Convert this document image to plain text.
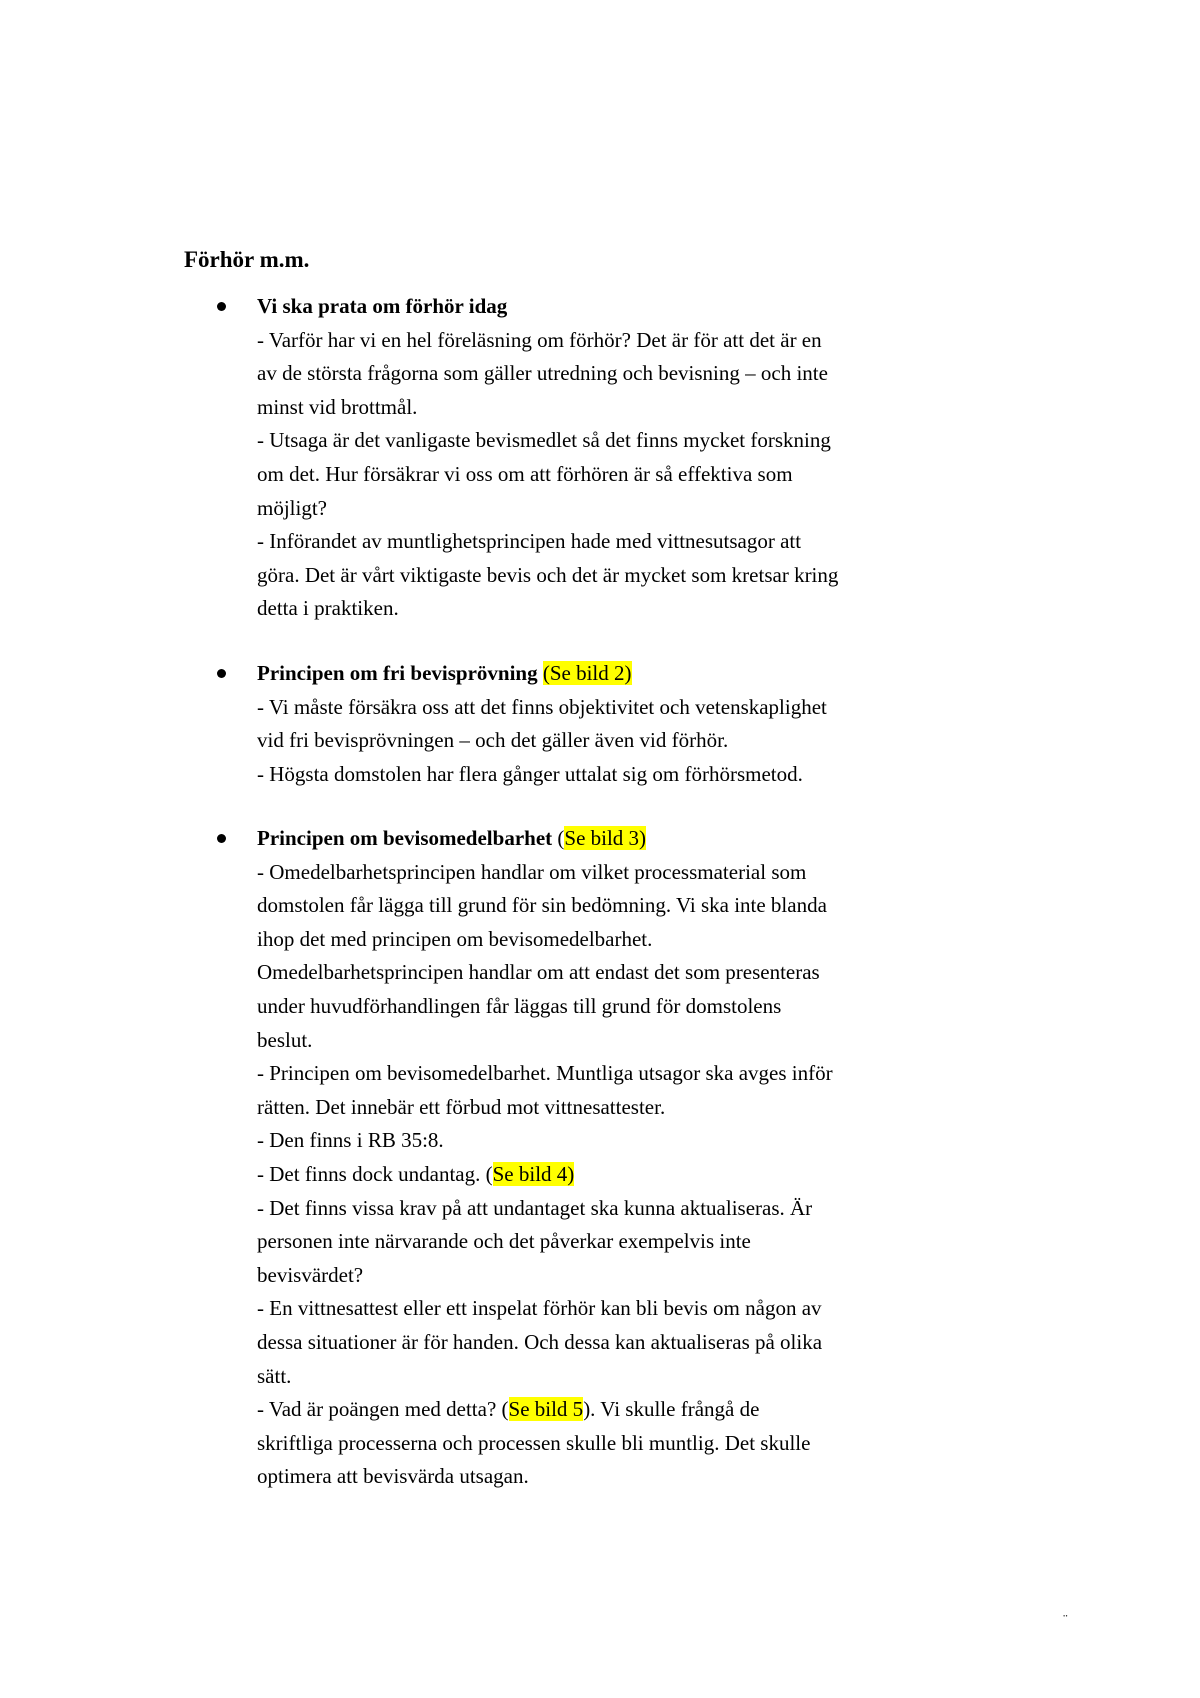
Förhör m.m.
Vi ska prata om förhör idag
- Varför har vi en hel föreläsning om förhör? Det är för att det är en
av de största frågorna som gäller utredning och bevisning – och inte
minst vid brottmål.
- Utsaga är det vanligaste bevismedlet så det finns mycket forskning
om det. Hur försäkrar vi oss om att förhören är så effektiva som
möjligt?
- Införandet av muntlighetsprincipen hade med vittnesutsagor att
göra. Det är vårt viktigaste bevis och det är mycket som kretsar kring
detta i praktiken.
Principen om fri bevisprövning (Se bild 2)
- Vi måste försäkra oss att det finns objektivitet och vetenskaplighet
vid fri bevisprövningen – och det gäller även vid förhör.
- Högsta domstolen har flera gånger uttalat sig om förhörsmetod.
Principen om bevisomedelbarhet (Se bild 3)
- Omedelbarhetsprincipen handlar om vilket processmaterial som
domstolen får lägga till grund för sin bedömning. Vi ska inte blanda
ihop det med principen om bevisomedelbarhet.
Omedelbarhetsprincipen handlar om att endast det som presenteras
under huvudförhandlingen får läggas till grund för domstolens
beslut.
- Principen om bevisomedelbarhet. Muntliga utsagor ska avges inför
rätten. Det innebär ett förbud mot vittnesattester.
- Den finns i RB 35:8.
- Det finns dock undantag. (Se bild 4)
- Det finns vissa krav på att undantaget ska kunna aktualiseras. Är
personen inte närvarande och det påverkar exempelvis inte
bevisvärdet?
- En vittnesattest eller ett inspelat förhör kan bli bevis om någon av
dessa situationer är för handen. Och dessa kan aktualiseras på olika
sätt.
- Vad är poängen med detta? (Se bild 5). Vi skulle frångå de
skriftliga processerna och processen skulle bli muntlig. Det skulle
optimera att bevisvärda utsagan.
¨
